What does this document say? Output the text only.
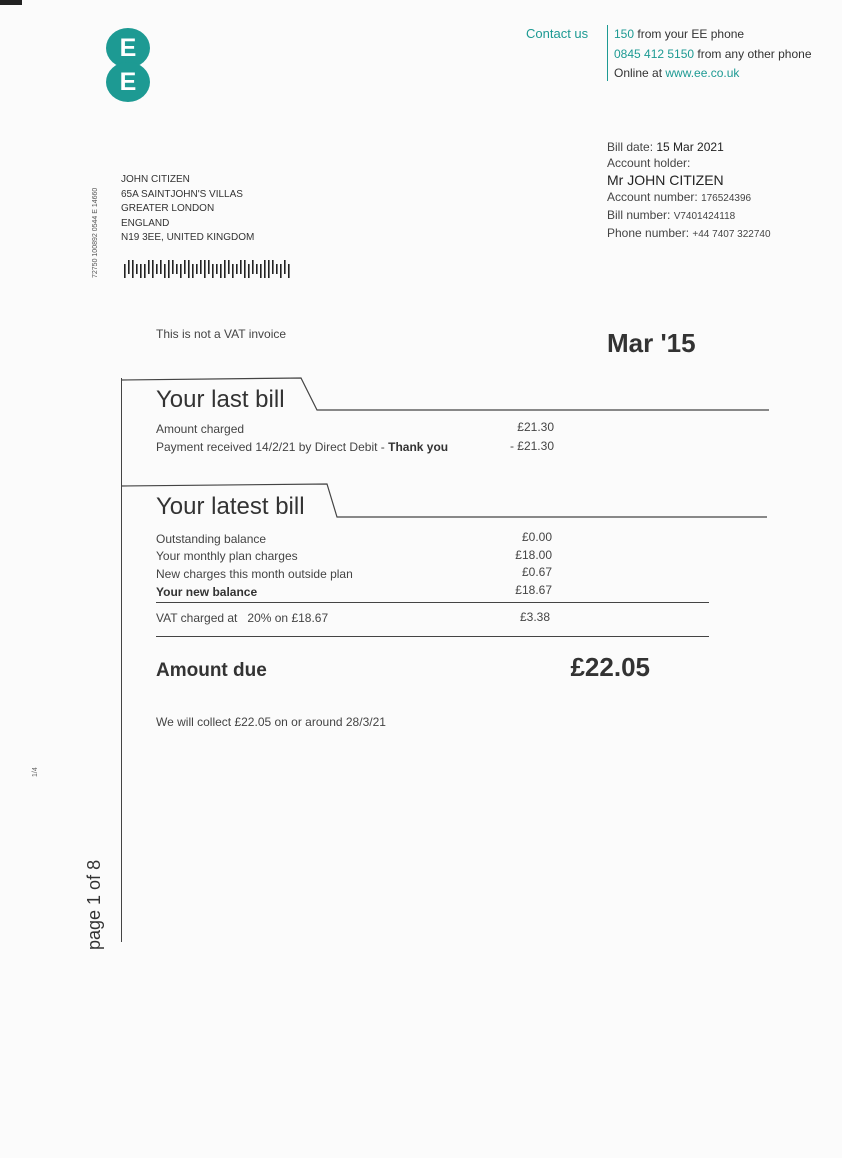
E
E
Contact us 150 from your EE phone
0845 412 5150 from any other phone
Online at www.ee.co.uk
Bill date: 15 Mar 2021
Account holder:
Mr JOHN CITIZEN
Account number: 176524396
Bill number: V7401424118
Phone number: +44 7407 322740
72750 100892 0544 E 14660
JOHN CITIZEN
65A SAINTJOHN'S VILLAS
GREATER LONDON
ENGLAND
N19 3EE, UNITED KINGDOM
This is not a VAT invoice	Mar '15
Your last bill
Amount charged	£21.30
Payment received 14/2/21 by Direct Debit - Thank you	- £21.30
Your latest bill
Outstanding balance	£0.00
Your monthly plan charges	£18.00
New charges this month outside plan	£0.67
Your new balance	£18.67
VAT charged at 20% on £18.67	£3.38
Amount due	£22.05
We will collect £22.05 on or around 28/3/21
1/4
page 1 of 8
